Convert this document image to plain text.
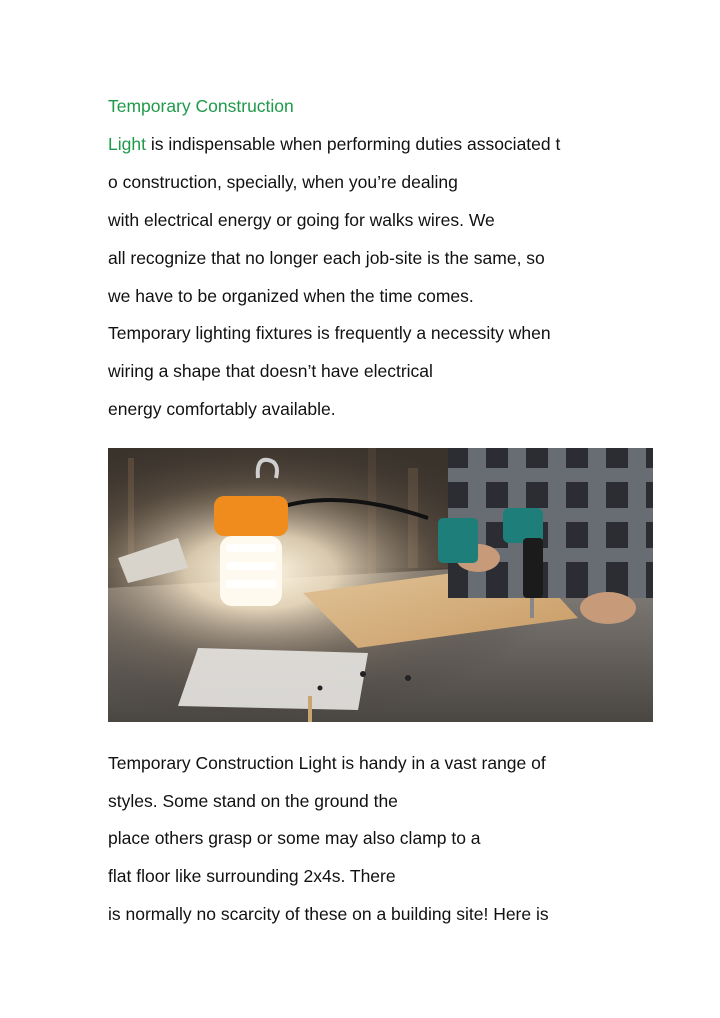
Temporary Construction
Light is indispensable when performing duties associated t
o construction, specially, when you’re dealing
with electrical energy or going for walks wires. We
all recognize that no longer each job-site is the same, so
we have to be organized when the time comes.
Temporary lighting fixtures is frequently a necessity when
wiring a shape that doesn’t have electrical
energy comfortably available.
Temporary Construction Light is handy in a vast range of
styles. Some stand on the ground the
place others grasp or some may also clamp to a
flat floor like surrounding 2x4s. There
is normally no scarcity of these on a building site! Here is
